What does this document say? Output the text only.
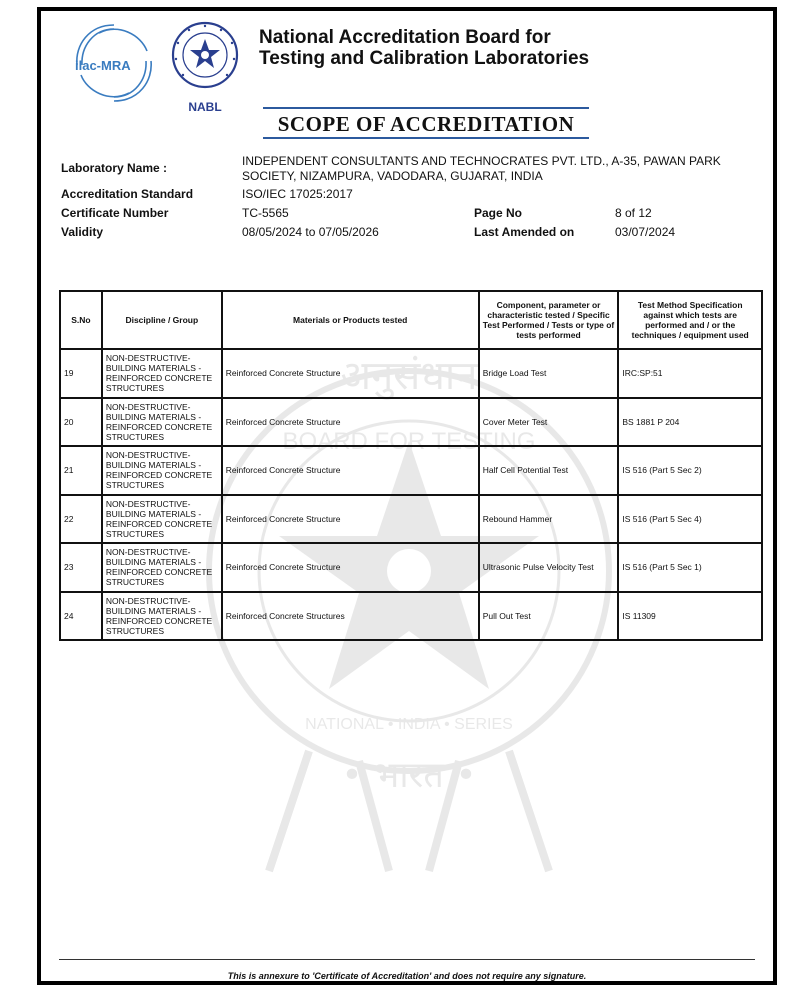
ilac-MRA
NABL
National Accreditation Board for
Testing and Calibration Laboratories
SCOPE OF ACCREDITATION
Laboratory Name :	INDEPENDENT CONSULTANTS AND TECHNOCRATES PVT. LTD., A-35, PAWAN PARK SOCIETY, NIZAMPURA, VADODARA, GUJARAT, INDIA
Accreditation Standard	ISO/IEC 17025:2017
Certificate Number	TC-5565	Page No	8 of 12
Validity	08/05/2024 to 07/05/2026	Last Amended on	03/07/2024
अनुसंधान
BOARD FOR TESTING
NATIONAL • INDIA • SERIES
• भारत •
S.No	Discipline / Group	Materials or Products tested	Component, parameter or characteristic tested / Specific Test Performed / Tests or type of tests performed	Test Method Specification against which tests are performed and / or the techniques / equipment used
19	NON-DESTRUCTIVE- BUILDING MATERIALS - REINFORCED CONCRETE STRUCTURES	Reinforced Concrete Structure	Bridge Load Test	IRC:SP:51
20	NON-DESTRUCTIVE- BUILDING MATERIALS - REINFORCED CONCRETE STRUCTURES	Reinforced Concrete Structure	Cover Meter Test	BS 1881 P 204
21	NON-DESTRUCTIVE- BUILDING MATERIALS - REINFORCED CONCRETE STRUCTURES	Reinforced Concrete Structure	Half Cell Potential Test	IS 516 (Part 5 Sec 2)
22	NON-DESTRUCTIVE- BUILDING MATERIALS - REINFORCED CONCRETE STRUCTURES	Reinforced Concrete Structure	Rebound Hammer	IS 516 (Part 5 Sec 4)
23	NON-DESTRUCTIVE- BUILDING MATERIALS - REINFORCED CONCRETE STRUCTURES	Reinforced Concrete Structure	Ultrasonic Pulse Velocity Test	IS 516 (Part 5 Sec 1)
24	NON-DESTRUCTIVE- BUILDING MATERIALS - REINFORCED CONCRETE STRUCTURES	Reinforced Concrete Structures	Pull Out Test	IS 11309
This is annexure to 'Certificate of Accreditation' and does not require any signature.
